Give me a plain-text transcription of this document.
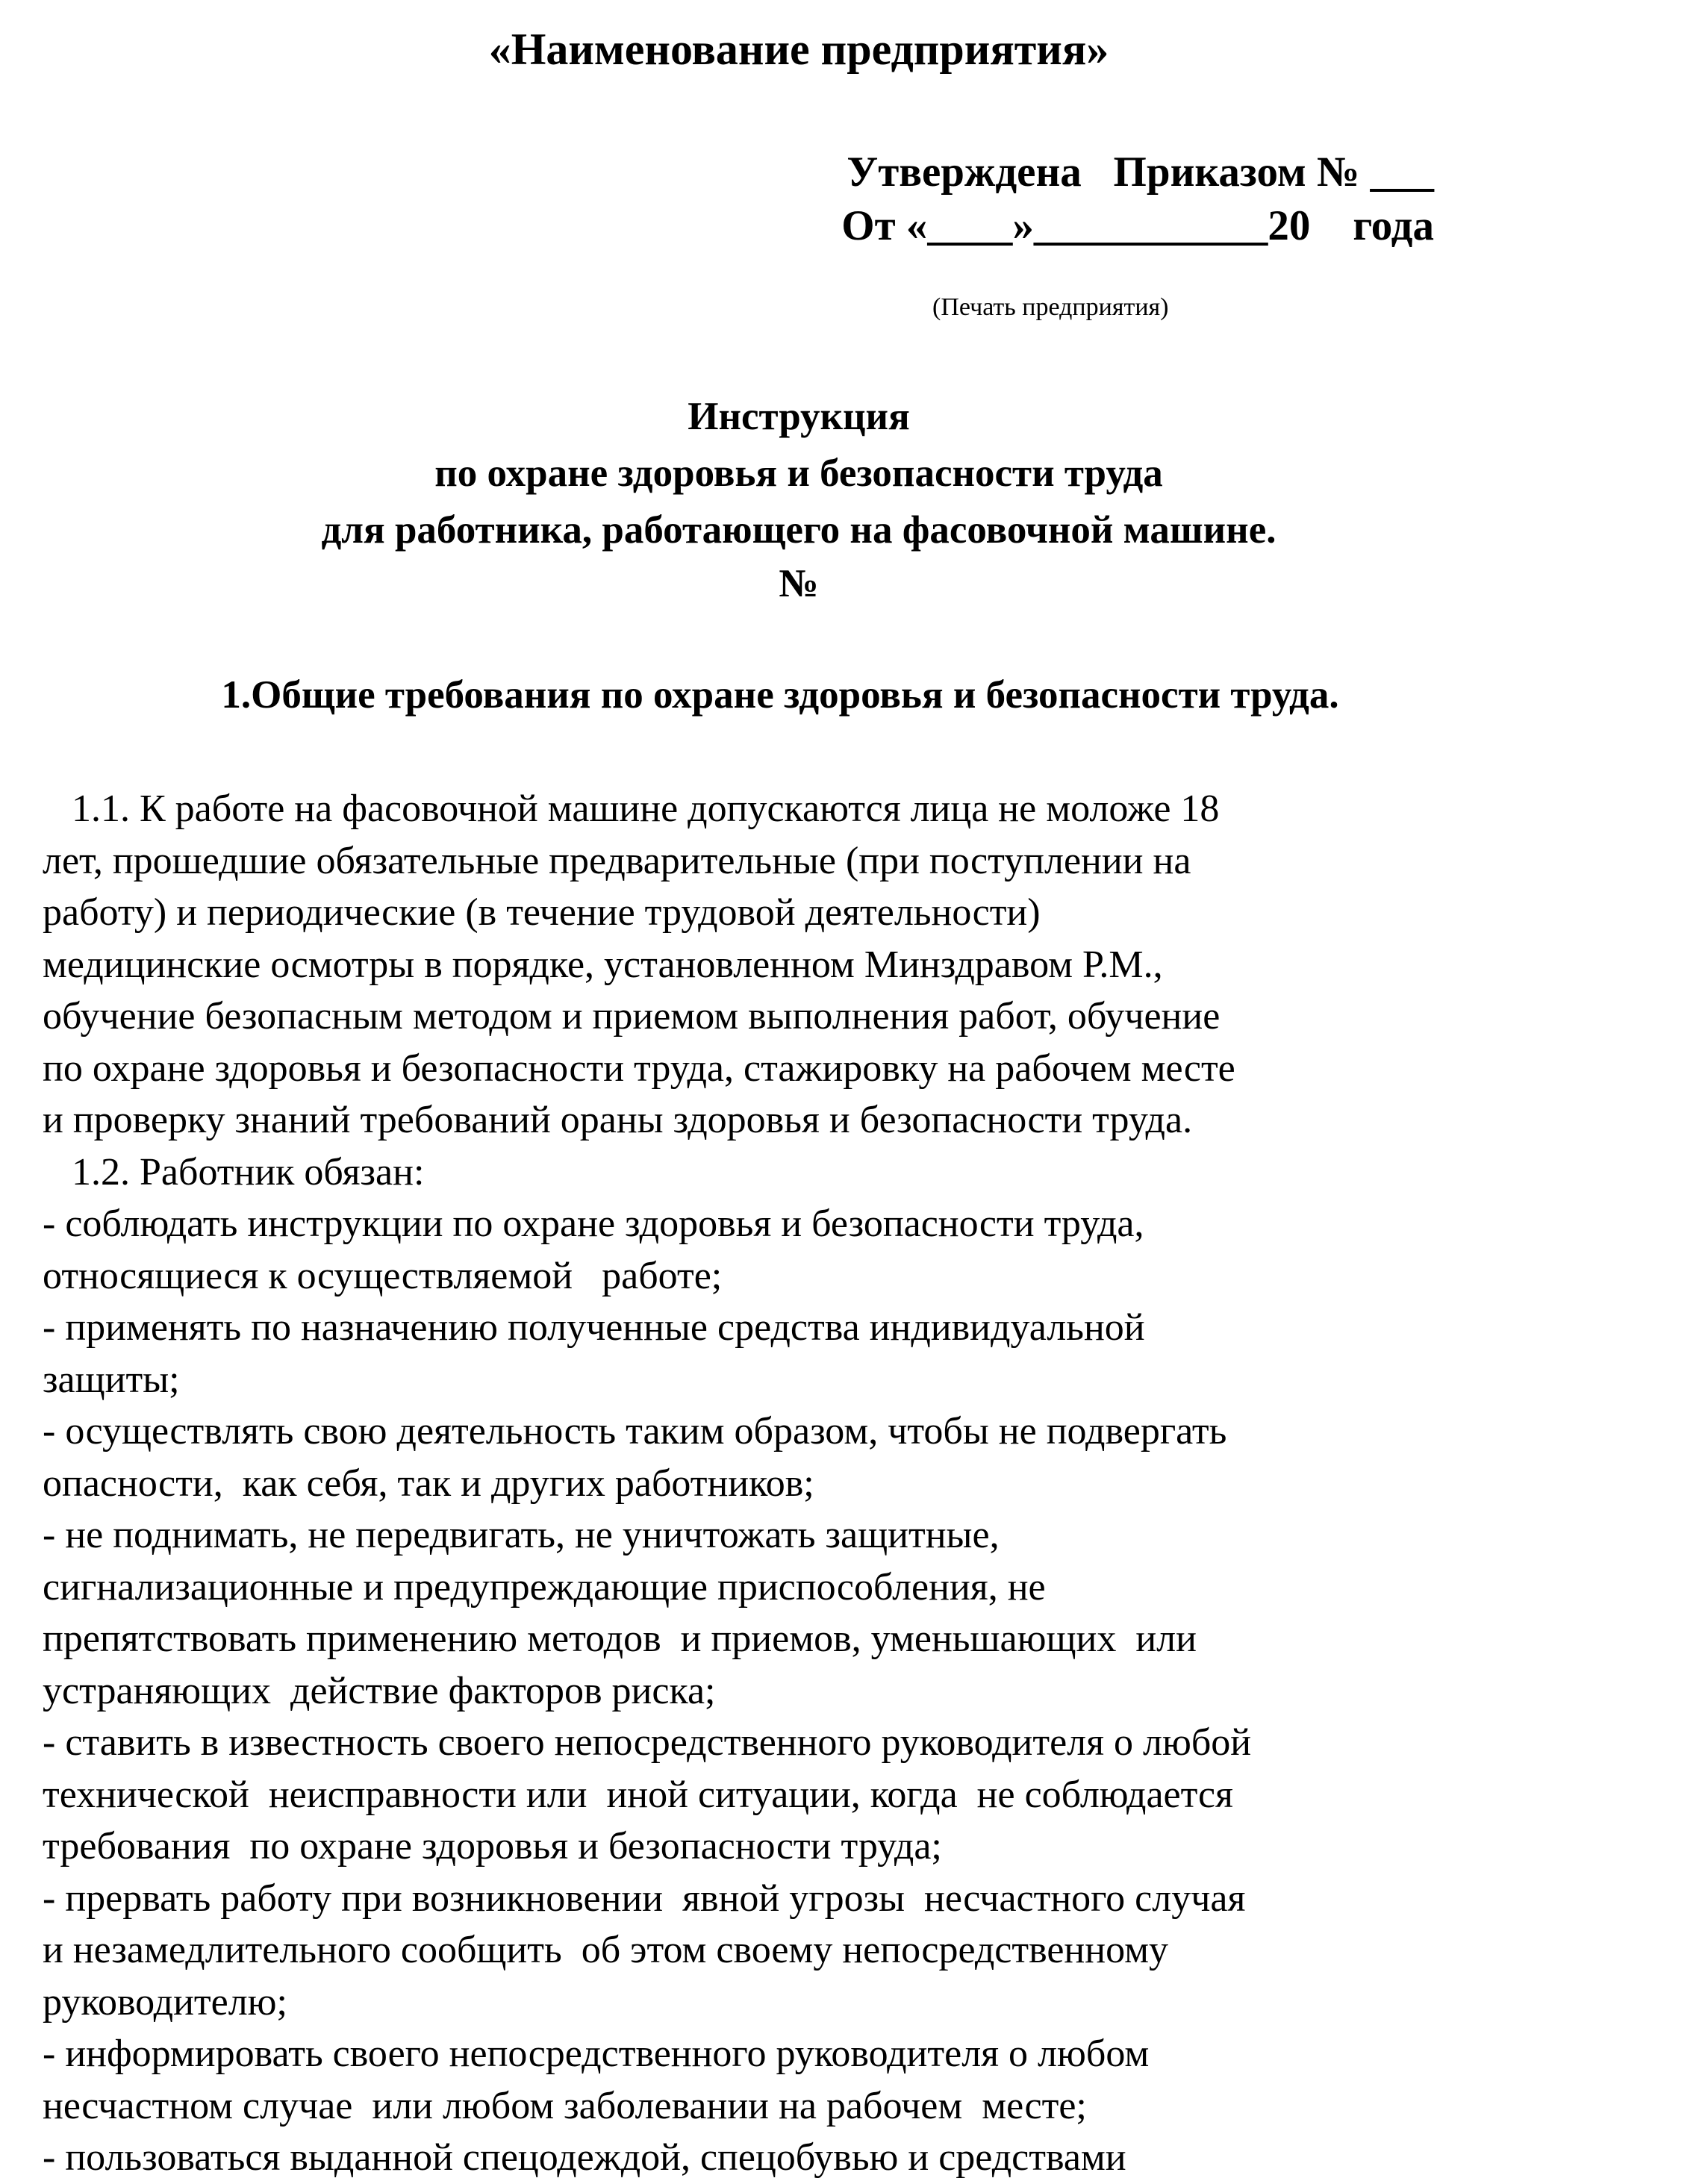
«Наименование предприятия»
Утверждена   Приказом № ___
От «____»___________20    года
(Печать предприятия)
Инструкция
по охране здоровья и безопасности труда
для работника, работающего на фасовочной машине.
№
1.Общие требования по охране здоровья и безопасности труда.
1.1. К работе на фасовочной машине допускаются лица не моложе 18
лет, прошедшие обязательные предварительные (при поступлении на
работу) и периодические (в течение трудовой деятельности)
медицинские осмотры в порядке, установленном Минздравом Р.М.,
обучение безопасным методом и приемом выполнения работ, обучение
по охране здоровья и безопасности труда, стажировку на рабочем месте
и проверку знаний требований ораны здоровья и безопасности труда.
1.2. Работник обязан:
- соблюдать инструкции по охране здоровья и безопасности труда,
относящиеся к осуществляемой   работе;
- применять по назначению полученные средства индивидуальной
защиты;
- осуществлять свою деятельность таким образом, чтобы не подвергать
опасности,  как себя, так и других работников;
- не поднимать, не передвигать, не уничтожать защитные,
сигнализационные и предупреждающие приспособления, не
препятствовать применению методов  и приемов, уменьшающих  или
устраняющих  действие факторов риска;
- ставить в известность своего непосредственного руководителя о любой
технической  неисправности или  иной ситуации, когда  не соблюдается
требования  по охране здоровья и безопасности труда;
- прервать работу при возникновении  явной угрозы  несчастного случая
и незамедлительного сообщить  об этом своему непосредственному
руководителю;
- информировать своего непосредственного руководителя о любом
несчастном случае  или любом заболевании на рабочем  месте;
- пользоваться выданной спецодеждой, спецобувью и средствами
